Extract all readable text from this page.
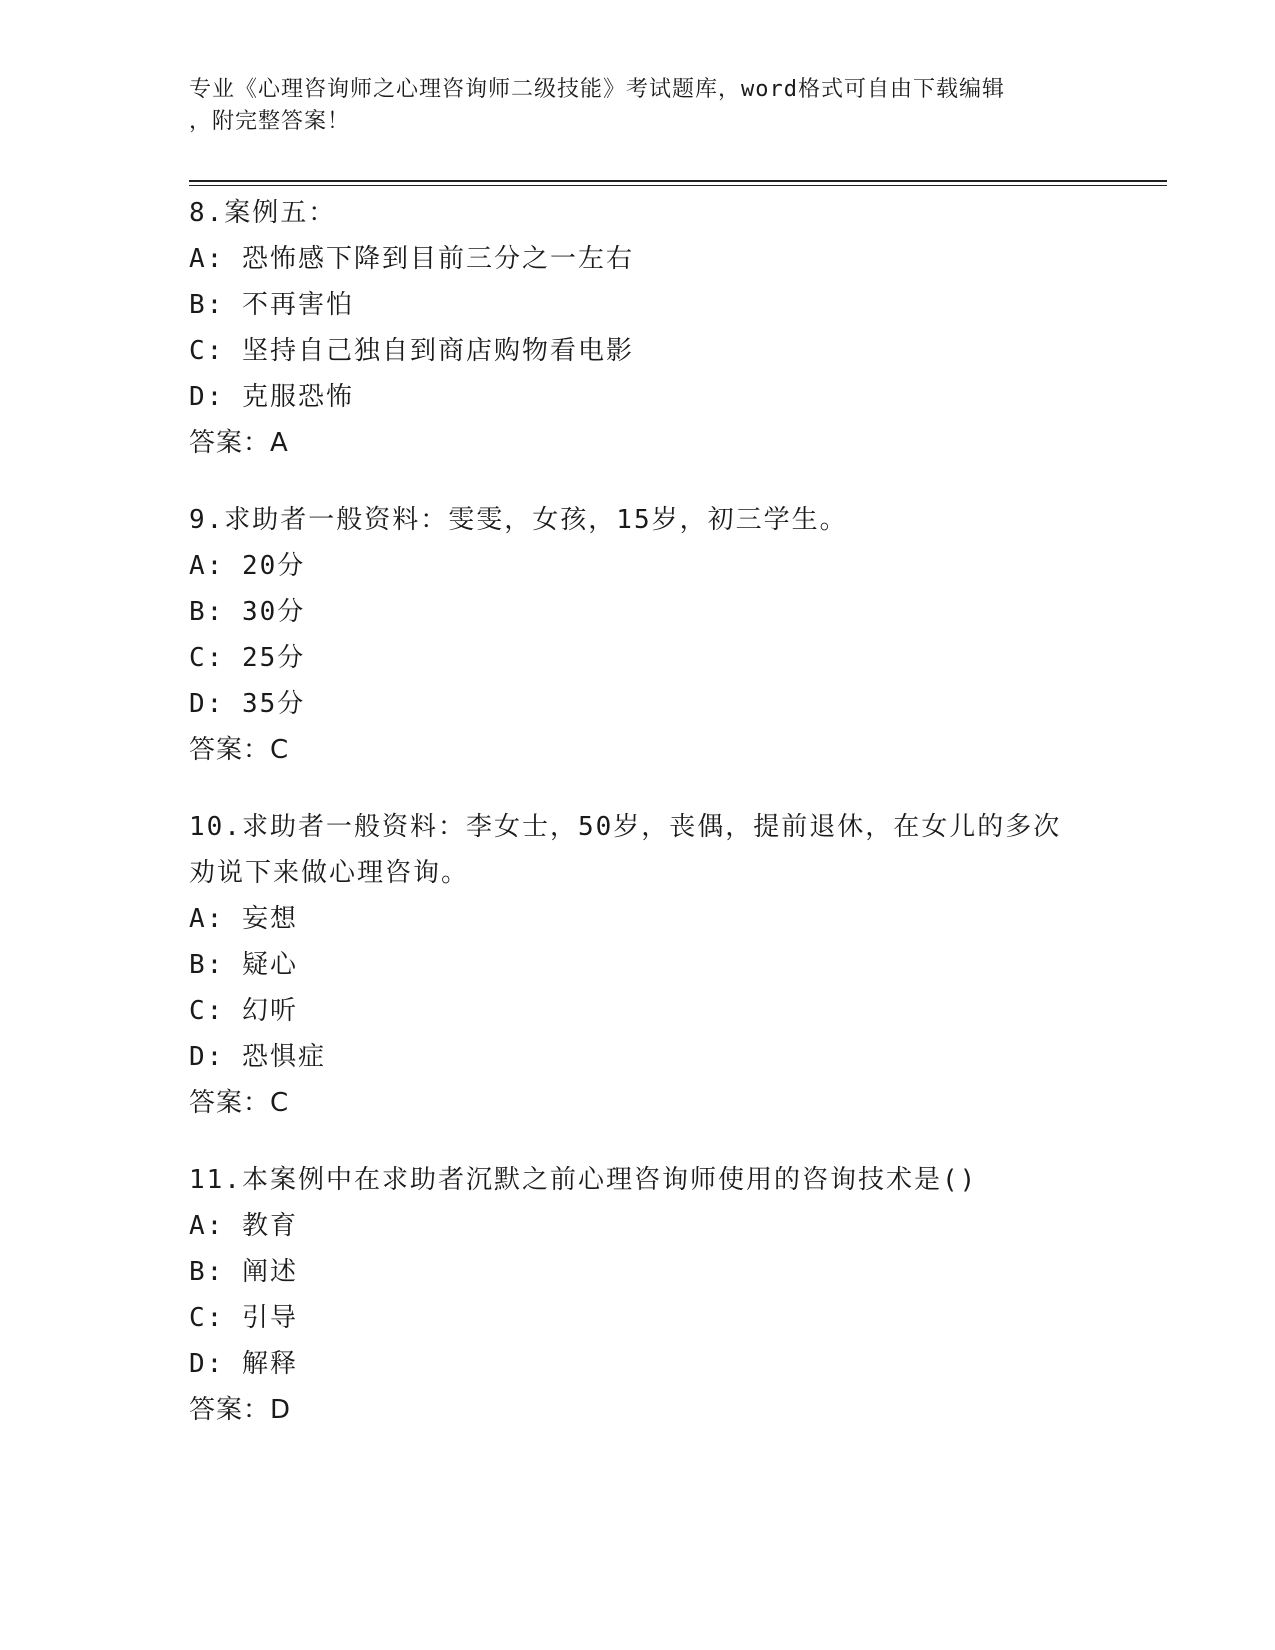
专业《心理咨询师之心理咨询师二级技能》考试题库，word格式可自由下载编辑
，附完整答案！
8.案例五：
A: 恐怖感下降到目前三分之一左右
B: 不再害怕
C: 坚持自己独自到商店购物看电影
D: 克服恐怖
答案：A
9.求助者一般资料：雯雯，女孩，15岁，初三学生。
A: 20分
B: 30分
C: 25分
D: 35分
答案：C
10.求助者一般资料：李女士，50岁，丧偶，提前退休，在女儿的多次
劝说下来做心理咨询。
A: 妄想
B: 疑心
C: 幻听
D: 恐惧症
答案：C
11.本案例中在求助者沉默之前心理咨询师使用的咨询技术是()
A: 教育
B: 阐述
C: 引导
D: 解释
答案：D
